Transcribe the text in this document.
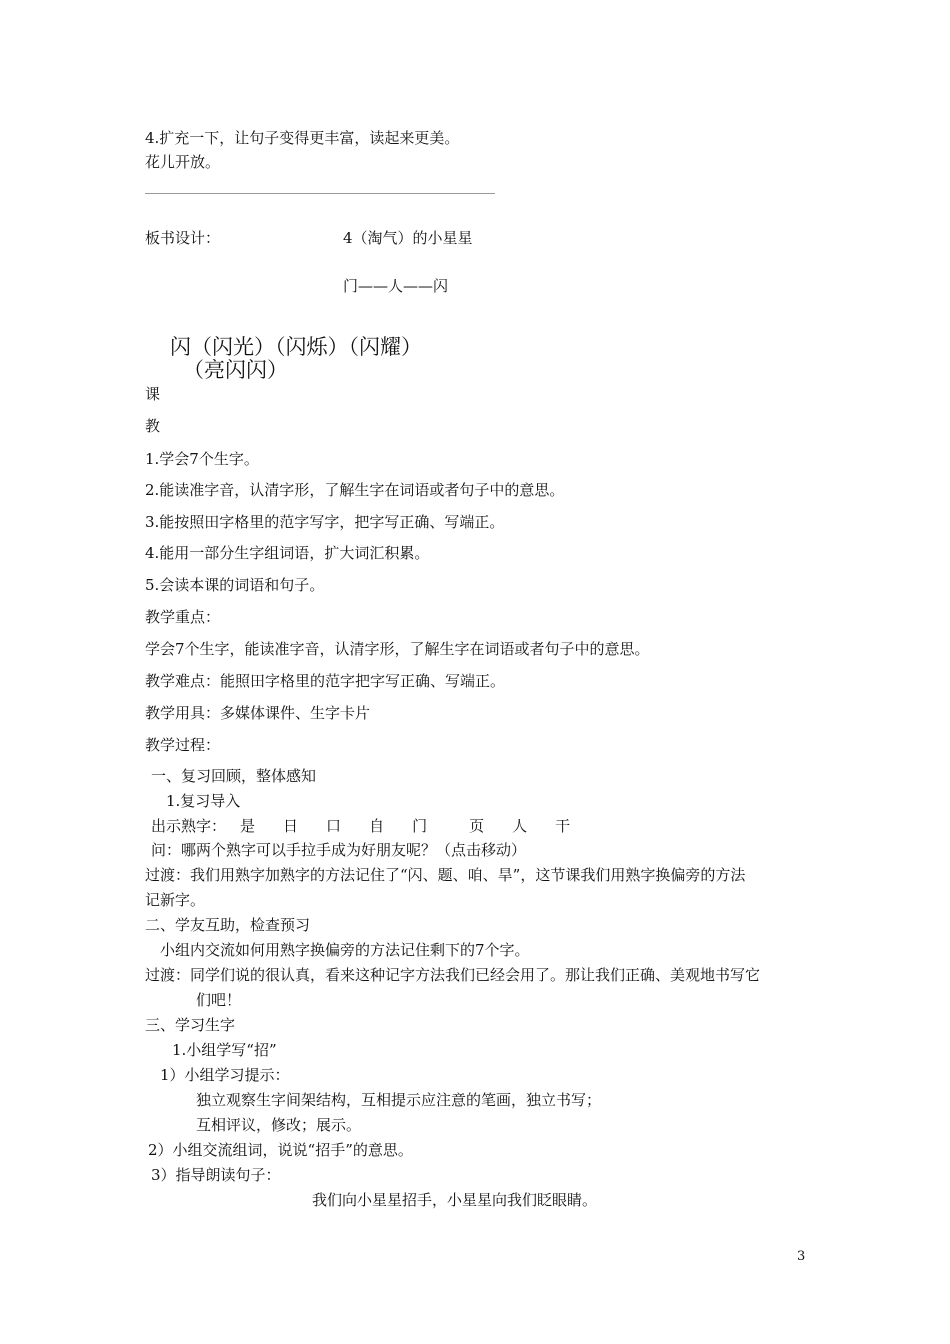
4.扩充一下，让句子变得更丰富，读起来更美。
花儿开放。
板书设计：	4（淘气）的小星星
门——人——闪
闪（闪光）（闪烁）（闪耀）
（亮闪闪）
课
教
1.学会7个生字。
2.能读准字音，认清字形，了解生字在词语或者句子中的意思。
3.能按照田字格里的范字写字，把字写正确、写端正。
4.能用一部分生字组词语，扩大词汇积累。
5.会读本课的词语和句子。
教学重点：
学会7个生字，能读准字音，认清字形，了解生字在词语或者句子中的意思。
教学难点：能照田字格里的范字把字写正确、写端正。
教学用具：多媒体课件、生字卡片
教学过程：
一、复习回顾，整体感知
1.复习导入
出示熟字： 是 日 口 自 门	页 人 干
问：哪两个熟字可以手拉手成为好朋友呢？（点击移动）
过渡：我们用熟字加熟字的方法记住了“闪、题、咱、旱”，这节课我们用熟字换偏旁的方法
记新字。
二、学友互助，检查预习
小组内交流如何用熟字换偏旁的方法记住剩下的7个字。
过渡：同学们说的很认真，看来这种记字方法我们已经会用了。那让我们正确、美观地书写它
们吧！
三、学习生字
1.小组学写“招”
1）小组学习提示：
独立观察生字间架结构，互相提示应注意的笔画，独立书写；
互相评议，修改；展示。
2）小组交流组词，说说“招手”的意思。
3）指导朗读句子：
我们向小星星招手，小星星向我们眨眼睛。
3
